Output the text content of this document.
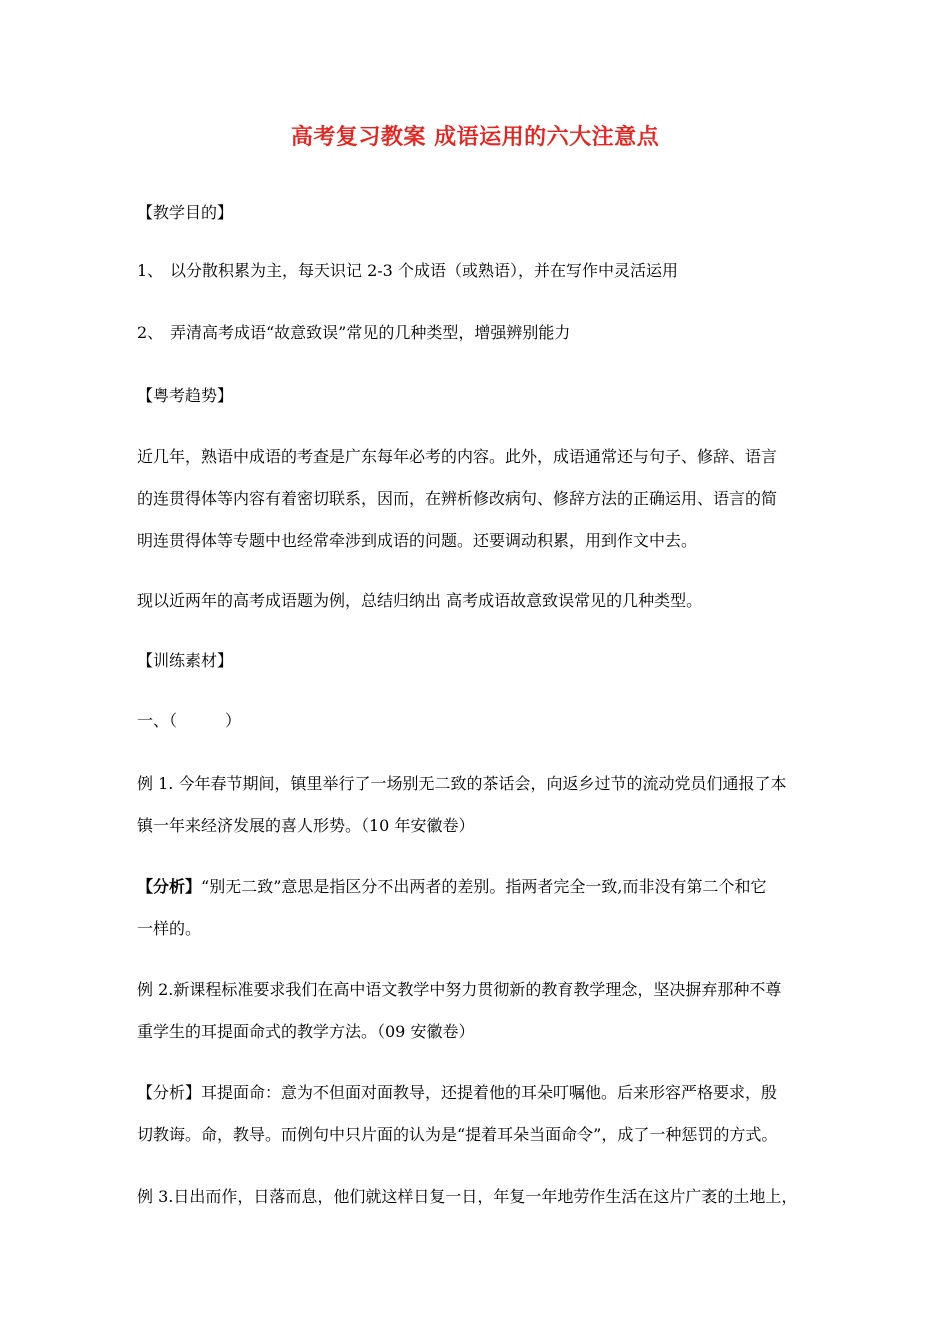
高考复习教案 成语运用的六大注意点
【教学目的】
1、 以分散积累为主，每天识记 2-3 个成语（或熟语），并在写作中灵活运用
2、 弄清高考成语“故意致误”常见的几种类型，增强辨别能力
【粤考趋势】
近几年，熟语中成语的考查是广东每年必考的内容。此外，成语通常还与句子、修辞、语言
的连贯得体等内容有着密切联系，因而，在辨析修改病句、修辞方法的正确运用、语言的简
明连贯得体等专题中也经常牵涉到成语的问题。还要调动积累，用到作文中去。
现以近两年的高考成语题为例，总结归纳出 高考成语故意致误常见的几种类型。
【训练素材】
一、（　　　）
例 1. 今年春节期间，镇里举行了一场别无二致的茶话会，向返乡过节的流动党员们通报了本
镇一年来经济发展的喜人形势。（10 年安徽卷）
【分析】“别无二致”意思是指区分不出两者的差别。指两者完全一致,而非没有第二个和它
一样的。
例 2.新课程标准要求我们在高中语文教学中努力贯彻新的教育教学理念，坚决摒弃那种不尊
重学生的耳提面命式的教学方法。（09 安徽卷）
【分析】耳提面命：意为不但面对面教导，还提着他的耳朵叮嘱他。后来形容严格要求，殷
切教诲。命，教导。而例句中只片面的认为是“提着耳朵当面命令”，成了一种惩罚的方式。
例 3.日出而作，日落而息，他们就这样日复一日，年复一年地劳作生活在这片广袤的土地上，
